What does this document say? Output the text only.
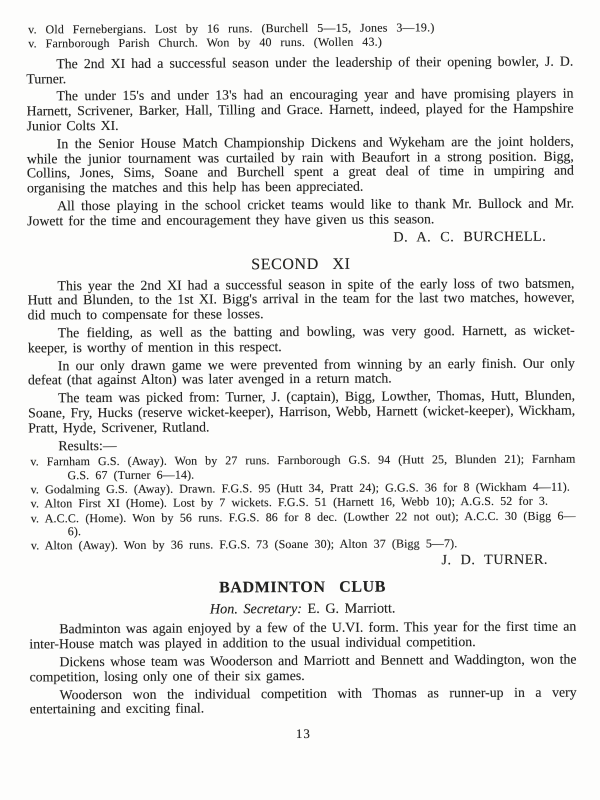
v. Old Fernebergians. Lost by 16 runs. (Burchell 5—15, Jones 3—19.)
v. Farnborough Parish Church. Won by 40 runs. (Wollen 43.)

The 2nd XI had a successful season under the leadership of their opening bowler, J. D. Turner.

The under 15's and under 13's had an encouraging year and have promising players in Harnett, Scrivener, Barker, Hall, Tilling and Grace. Harnett, indeed, played for the Hampshire Junior Colts XI.

In the Senior House Match Championship Dickens and Wykeham are the joint holders, while the junior tournament was curtailed by rain with Beaufort in a strong position. Bigg, Collins, Jones, Sims, Soane and Burchell spent a great deal of time in umpiring and organising the matches and this help has been appreciated.

All those playing in the school cricket teams would like to thank Mr. Bullock and Mr. Jowett for the time and encouragement they have given us this season.

D. A. C. BURCHELL.
SECOND XI

This year the 2nd XI had a successful season in spite of the early loss of two batsmen, Hutt and Blunden, to the 1st XI. Bigg's arrival in the team for the last two matches, however, did much to compensate for these losses.

The fielding, as well as the batting and bowling, was very good. Harnett, as wicket-keeper, is worthy of mention in this respect.

In our only drawn game we were prevented from winning by an early finish. Our only defeat (that against Alton) was later avenged in a return match.

The team was picked from: Turner, J. (captain), Bigg, Lowther, Thomas, Hutt, Blunden, Soane, Fry, Hucks (reserve wicket-keeper), Harrison, Webb, Harnett (wicket-keeper), Wickham, Pratt, Hyde, Scrivener, Rutland.

Results:—

v. Farnham G.S. (Away). Won by 27 runs. Farnborough G.S. 94 (Hutt 25, Blunden 21); Farnham G.S. 67 (Turner 6—14).
v. Godalming G.S. (Away). Drawn. F.G.S. 95 (Hutt 34, Pratt 24); G.G.S. 36 for 8 (Wickham 4—11).
v. Alton First XI (Home). Lost by 7 wickets. F.G.S. 51 (Harnett 16, Webb 10); A.G.S. 52 for 3.
v. A.C.C. (Home). Won by 56 runs. F.G.S. 86 for 8 dec. (Lowther 22 not out); A.C.C. 30 (Bigg 6—6).
v. Alton (Away). Won by 36 runs. F.G.S. 73 (Soane 30); Alton 37 (Bigg 5—7).
J. D. TURNER.
BADMINTON CLUB
Hon. Secretary: E. G. Marriott.

Badminton was again enjoyed by a few of the U.VI. form. This year for the first time an inter-House match was played in addition to the usual individual competition.

Dickens whose team was Wooderson and Marriott and Bennett and Waddington, won the competition, losing only one of their six games.

Wooderson won the individual competition with Thomas as runner-up in a very entertaining and exciting final.

13
